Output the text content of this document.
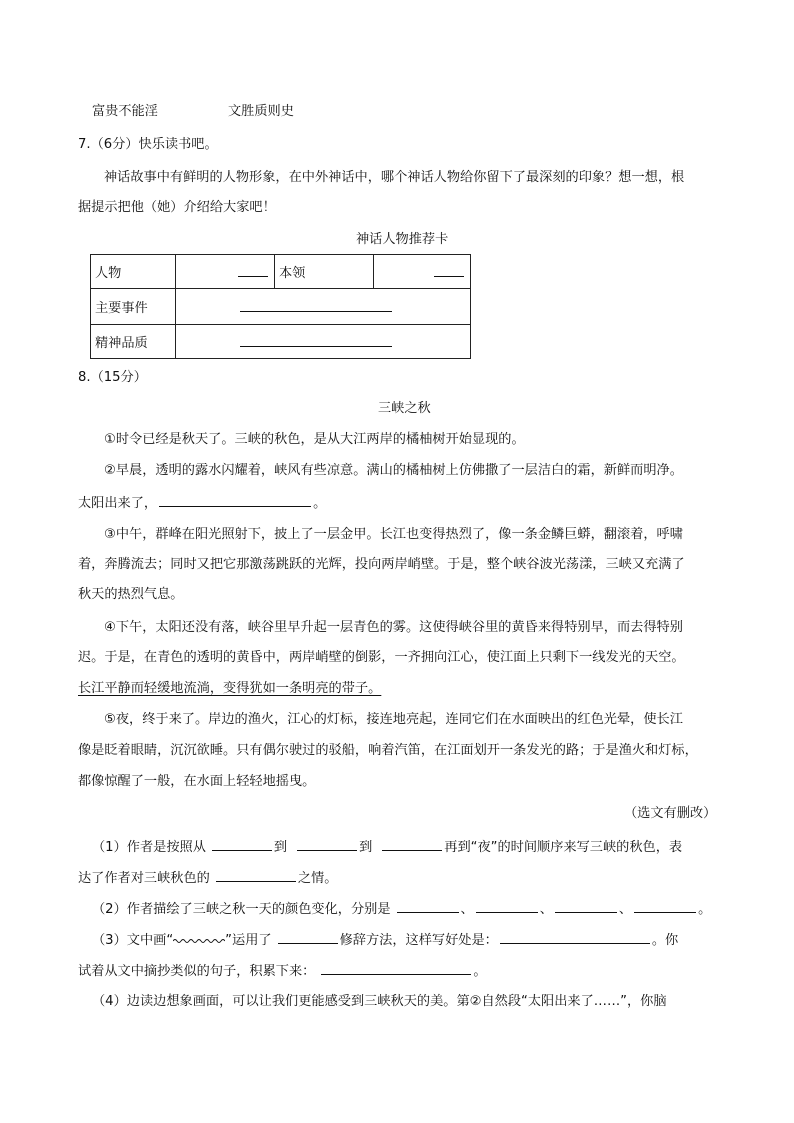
富贵不能淫	文胜质则史
7.（6分）快乐读书吧。
神话故事中有鲜明的人物形象，在中外神话中，哪个神话人物给你留下了最深刻的印象？想一想，根
据提示把他（她）介绍给大家吧！
神话人物推荐卡
人物		本领	
主要事件			
精神品质			
8.（15分）
三峡之秋
①时令已经是秋天了。三峡的秋色，是从大江两岸的橘柚树开始显现的。
②早晨，透明的露水闪耀着，峡风有些凉意。满山的橘柚树上仿佛撒了一层洁白的霜，新鲜而明净。
太阳出来了，	。
③中午，群峰在阳光照射下，披上了一层金甲。长江也变得热烈了，像一条金鳞巨蟒，翻滚着，呼啸
着，奔腾流去；同时又把它那激荡跳跃的光辉，投向两岸峭壁。于是，整个峡谷波光荡漾，三峡又充满了
秋天的热烈气息。
④下午，太阳还没有落，峡谷里早升起一层青色的雾。这使得峡谷里的黄昏来得特别早，而去得特别
迟。于是，在青色的透明的黄昏中，两岸峭壁的倒影，一齐拥向江心，使江面上只剩下一线发光的天空。
长江平静而轻缓地流淌，变得犹如一条明亮的带子。
⑤夜，终于来了。岸边的渔火，江心的灯标，接连地亮起，连同它们在水面映出的红色光晕，使长江
像是眨着眼睛，沉沉欲睡。只有偶尔驶过的驳船，响着汽笛，在江面划开一条发光的路；于是渔火和灯标，
都像惊醒了一般，在水面上轻轻地摇曳。
（选文有删改）
（1）作者是按照从	到	到	再到“夜”的时间顺序来写三峡的秋色，表
达了作者对三峡秋色的	之情。
（2）作者描绘了三峡之秋一天的颜色变化，分别是	、	、	、	。
（3）文中画“	”运用了	修辞方法，这样写好处是：	。你
试着从文中摘抄类似的句子，积累下来：	。
（4）边读边想象画面，可以让我们更能感受到三峡秋天的美。第②自然段“太阳出来了……”，你脑
